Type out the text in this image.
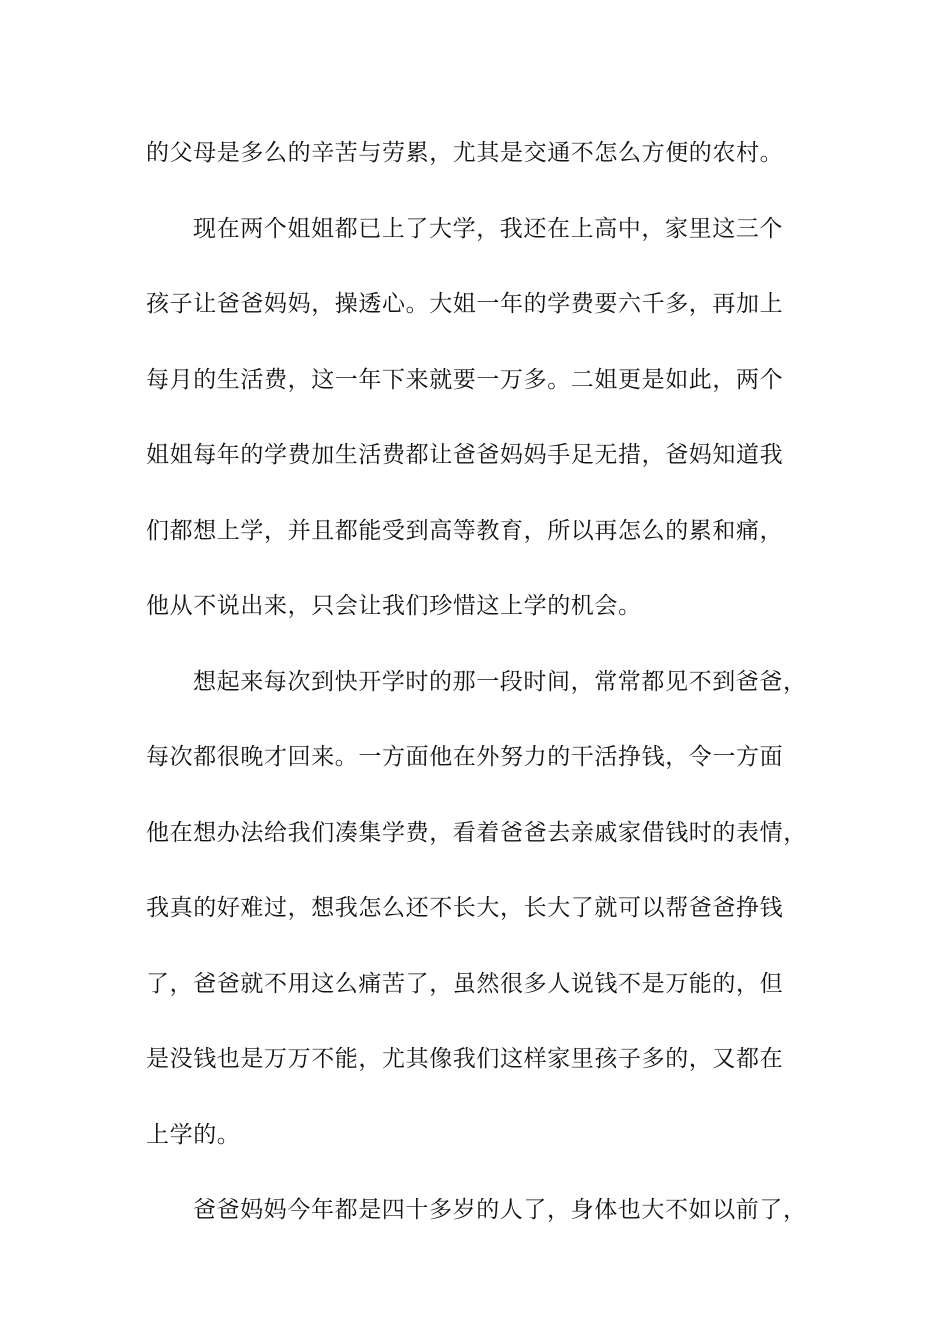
的父母是多么的辛苦与劳累，尤其是交通不怎么方便的农村。
现在两个姐姐都已上了大学，我还在上高中，家里这三个
孩子让爸爸妈妈，操透心。大姐一年的学费要六千多，再加上
每月的生活费，这一年下来就要一万多。二姐更是如此，两个
姐姐每年的学费加生活费都让爸爸妈妈手足无措，爸妈知道我
们都想上学，并且都能受到高等教育，所以再怎么的累和痛，
他从不说出来，只会让我们珍惜这上学的机会。
想起来每次到快开学时的那一段时间，常常都见不到爸爸，
每次都很晚才回来。一方面他在外努力的干活挣钱，令一方面
他在想办法给我们凑集学费，看着爸爸去亲戚家借钱时的表情，
我真的好难过，想我怎么还不长大，长大了就可以帮爸爸挣钱
了，爸爸就不用这么痛苦了，虽然很多人说钱不是万能的，但
是没钱也是万万不能，尤其像我们这样家里孩子多的，又都在
上学的。
爸爸妈妈今年都是四十多岁的人了，身体也大不如以前了，
